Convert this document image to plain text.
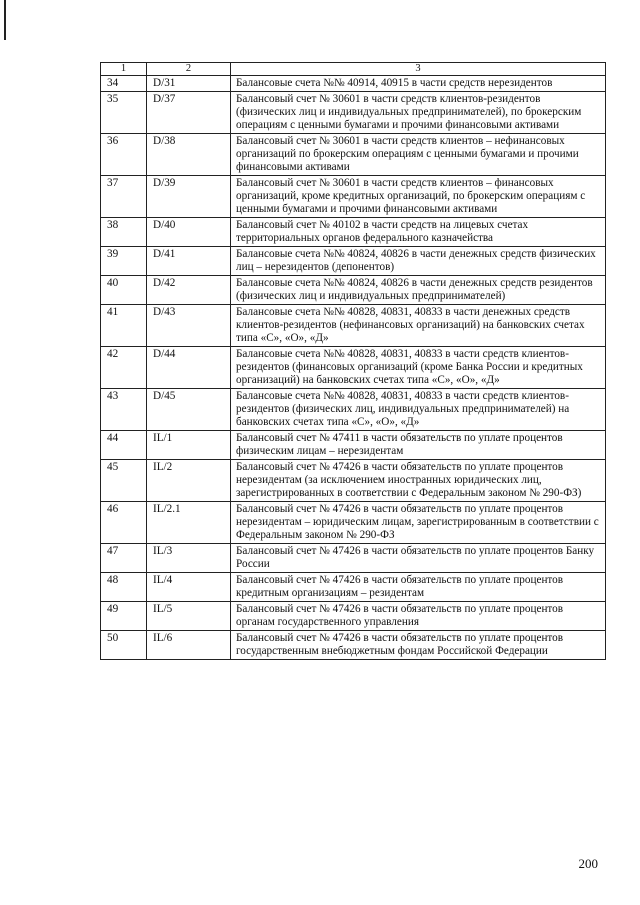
1	2	3
34	D/31	Балансовые счета №№ 40914, 40915 в части средств нерезидентов
35	D/37	Балансовый счет № 30601 в части средств клиентов-резидентов (физических лиц и индивидуальных предпринимателей), по брокерским операциям с ценными бумагами и прочими финансовыми активами
36	D/38	Балансовый счет № 30601 в части средств клиентов – нефинансовых организаций по брокерским операциям с ценными бумагами и прочими финансовыми активами
37	D/39	Балансовый счет № 30601 в части средств клиентов – финансовых организаций, кроме кредитных организаций, по брокерским операциям с ценными бумагами и прочими финансовыми активами
38	D/40	Балансовый счет № 40102 в части средств на лицевых счетах территориальных органов федерального казначейства
39	D/41	Балансовые счета №№ 40824, 40826 в части денежных средств физических лиц – нерезидентов (депонентов)
40	D/42	Балансовые счета №№ 40824, 40826 в части денежных средств резидентов (физических лиц и индивидуальных предпринимателей)
41	D/43	Балансовые счета №№ 40828, 40831, 40833 в части денежных средств клиентов-резидентов (нефинансовых организаций) на банковских счетах типа «С», «О», «Д»
42	D/44	Балансовые счета №№ 40828, 40831, 40833 в части средств клиентов-резидентов (финансовых организаций (кроме Банка России и кредитных организаций) на банковских счетах типа «С», «О», «Д»
43	D/45	Балансовые счета №№ 40828, 40831, 40833 в части средств клиентов-резидентов (физических лиц, индивидуальных предпринимателей) на банковских счетах типа «С», «О», «Д»
44	IL/1	Балансовый счет № 47411 в части обязательств по уплате процентов физическим лицам – нерезидентам
45	IL/2	Балансовый счет № 47426 в части обязательств по уплате процентов нерезидентам (за исключением иностранных юридических лиц, зарегистрированных в соответствии с Федеральным законом № 290-ФЗ)
46	IL/2.1	Балансовый счет № 47426 в части обязательств по уплате процентов нерезидентам – юридическим лицам, зарегистрированным в соответствии с Федеральным законом № 290-ФЗ
47	IL/3	Балансовый счет № 47426 в части обязательств по уплате процентов Банку России
48	IL/4	Балансовый счет № 47426 в части обязательств по уплате процентов кредитным организациям – резидентам
49	IL/5	Балансовый счет № 47426 в части обязательств по уплате процентов органам государственного управления
50	IL/6	Балансовый счет № 47426 в части обязательств по уплате процентов государственным внебюджетным фондам Российской Федерации
200
